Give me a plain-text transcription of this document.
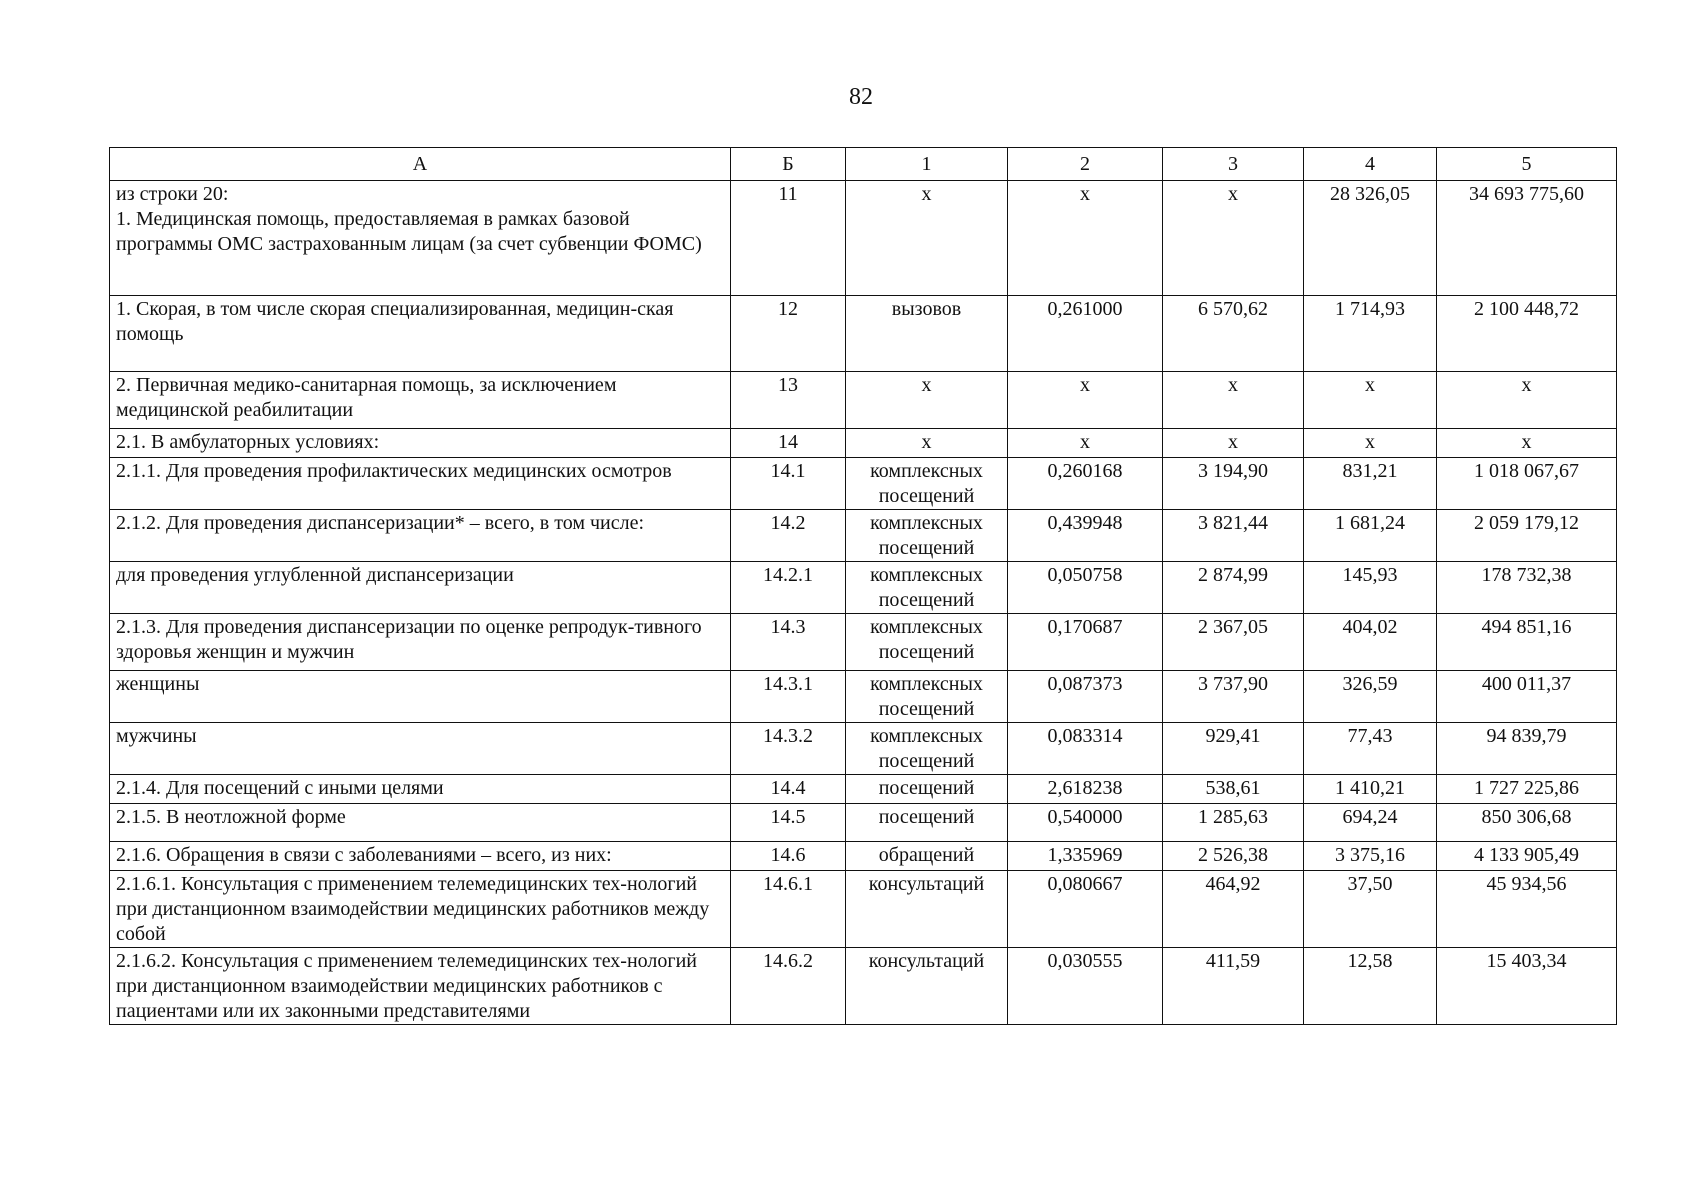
82
А	Б	1	2	3	4	5
из строки 20:
1. Медицинская помощь, предоставляемая в рамках базовой программы ОМС застрахованным лицам (за счет субвенции ФОМС)	11	х	х	х	28 326,05	34 693 775,60
1. Скорая, в том числе скорая специализированная, медицин-ская помощь	12	вызовов	0,261000	6 570,62	1 714,93	2 100 448,72
2. Первичная медико-санитарная помощь, за исключением медицинской реабилитации	13	х	х	х	х	х
2.1. В амбулаторных условиях:	14	х	х	х	х	х
2.1.1. Для проведения профилактических медицинских осмотров	14.1	комплексных посещений	0,260168	3 194,90	831,21	1 018 067,67
2.1.2. Для проведения диспансеризации* – всего, в том числе:	14.2	комплексных посещений	0,439948	3 821,44	1 681,24	2 059 179,12
для проведения углубленной диспансеризации	14.2.1	комплексных посещений	0,050758	2 874,99	145,93	178 732,38
2.1.3. Для проведения диспансеризации по оценке репродук-тивного здоровья женщин и мужчин	14.3	комплексных посещений	0,170687	2 367,05	404,02	494 851,16
женщины	14.3.1	комплексных посещений	0,087373	3 737,90	326,59	400 011,37
мужчины	14.3.2	комплексных посещений	0,083314	929,41	77,43	94 839,79
2.1.4. Для посещений с иными целями	14.4	посещений	2,618238	538,61	1 410,21	1 727 225,86
2.1.5. В неотложной форме	14.5	посещений	0,540000	1 285,63	694,24	850 306,68
2.1.6. Обращения в связи с заболеваниями – всего, из них:	14.6	обращений	1,335969	2 526,38	3 375,16	4 133 905,49
2.1.6.1. Консультация с применением телемедицинских тех-нологий при дистанционном взаимодействии медицинских работников между собой	14.6.1	консультаций	0,080667	464,92	37,50	45 934,56
2.1.6.2. Консультация с применением телемедицинских тех-нологий при дистанционном взаимодействии медицинских работников с пациентами или их законными представителями	14.6.2	консультаций	0,030555	411,59	12,58	15 403,34
